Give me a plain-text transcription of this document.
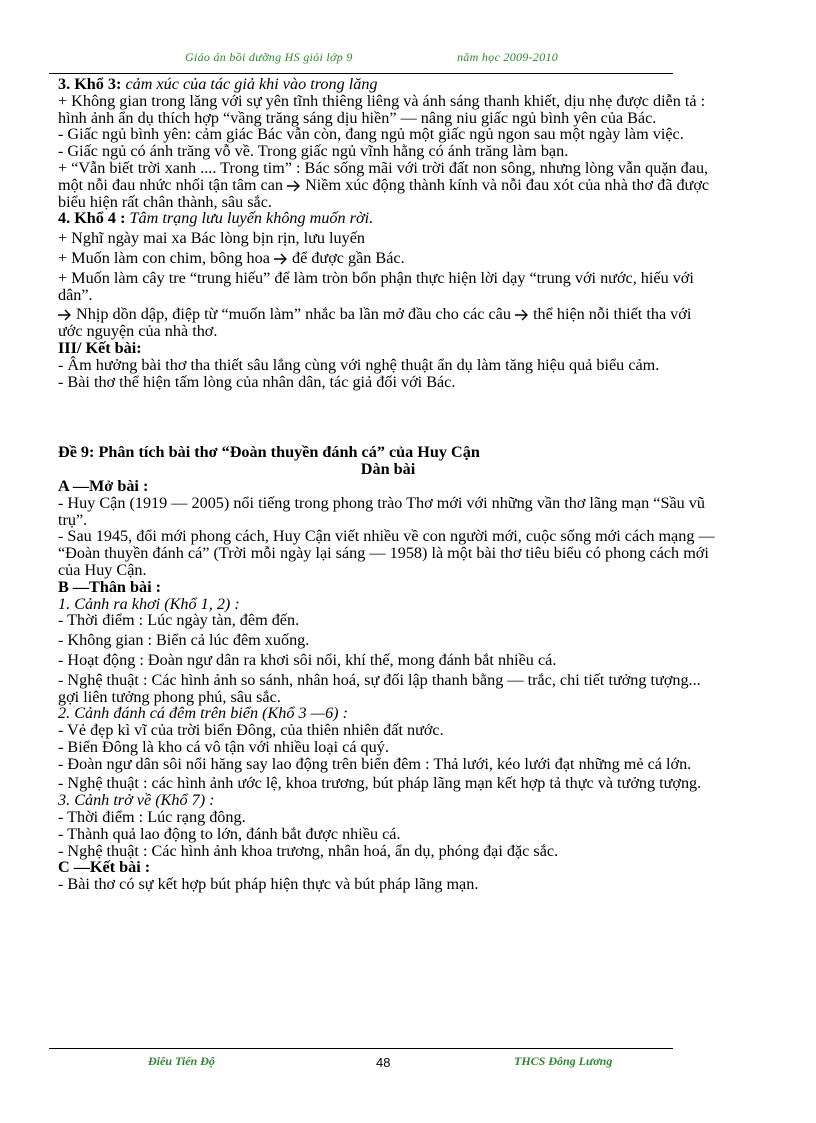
Giáo án bồi dưỡng HS giỏi lớp 9	năm học 2009-2010

3. Khổ 3: cảm xúc của tác giả khi vào trong lăng

+ Không gian trong lăng với sự yên tĩnh thiêng liêng và ánh sáng thanh khiết, dịu nhẹ được diễn tả : hình ảnh ẩn dụ thích hợp “vầng trăng sáng dịu hiền” — nâng niu giấc ngủ bình yên của Bác.

- Giấc ngủ bình yên: cảm giác Bác vẫn còn, đang ngủ một giấc ngủ ngon sau một ngày làm việc.

- Giấc ngủ có ánh trăng vỗ về. Trong giấc ngủ vĩnh hằng có ánh trăng làm bạn.

+ “Vẫn biết trời xanh .... Trong tim” : Bác sống mãi với trời đất non sông, nhưng lòng vẫn quặn đau, một nỗi đau nhức nhối tận tâm can  Niềm xúc động thành kính và nỗi đau xót của nhà thơ đã được biểu hiện rất chân thành, sâu sắc.

4. Khổ 4 : Tâm trạng lưu luyến không muốn rời.

+ Nghĩ ngày mai xa Bác lòng bịn rịn, lưu luyến

+ Muốn làm con chim, bông hoa  để được gần Bác.

+ Muốn làm cây tre “trung hiếu” để làm tròn bổn phận thực hiện lời dạy “trung với nước, hiếu với dân”.

Nhịp dồn dập, điệp từ “muốn làm” nhắc ba lần mở đầu cho các câu  thể hiện nỗi thiết tha với ước nguyện của nhà thơ.

III/ Kết bài:

- Âm hưởng bài thơ tha thiết sâu lắng cùng với nghệ thuật ẩn dụ làm tăng hiệu quả biểu cảm.

- Bài thơ thể hiện tấm lòng của nhân dân, tác giả đối với Bác.

Đề 9: Phân tích bài thơ “Đoàn thuyền đánh cá” của Huy Cận

Dàn bài

A —Mở bài :

- Huy Cận (1919 — 2005) nổi tiếng trong phong trào Thơ mới với những vần thơ lãng mạn “Sầu vũ trụ”.

- Sau 1945, đổi mới phong cách, Huy Cận viết nhiều về con người mới, cuộc sống mới cách mạng — “Đoàn thuyền đánh cá” (Trời mỗi ngày lại sáng — 1958) là một bài thơ tiêu biểu có phong cách mới của Huy Cận.

B —Thân bài :

1. Cảnh ra khơi (Khổ 1, 2) :

- Thời điểm : Lúc ngày tàn, đêm đến.

- Không gian : Biển cả lúc đêm xuống.

- Hoạt động : Đoàn ngư dân ra khơi sôi nổi, khí thế, mong đánh bắt nhiều cá.

- Nghệ thuật : Các hình ảnh so sánh, nhân hoá, sự đối lập thanh bằng — trắc, chi tiết tưởng tượng... gợi liên tưởng phong phú, sâu sắc.

2. Cảnh đánh cá đêm trên biển (Khổ 3 —6) :

- Vẻ đẹp kì vĩ của trời biển Đông, của thiên nhiên đất nước.

- Biển Đông là kho cá vô tận với nhiều loại cá quý.

- Đoàn ngư dân sôi nổi hăng say lao động trên biển đêm : Thả lưới, kéo lưới đạt những mẻ cá lớn.

- Nghệ thuật : các hình ảnh ước lệ, khoa trương, bút pháp lãng mạn kết hợp tả thực và tưởng tượng.

3. Cảnh trở về (Khổ 7) :

- Thời điểm : Lúc rạng đông.

- Thành quả lao động to lớn, đánh bắt được nhiều cá.

- Nghệ thuật : Các hình ảnh khoa trương, nhân hoá, ẩn dụ, phóng đại đặc sắc.

C —Kết bài :

- Bài thơ có sự kết hợp bút pháp hiện thực và bút pháp lãng mạn.

Điêu Tiến Độ	48	THCS Đông Lương
